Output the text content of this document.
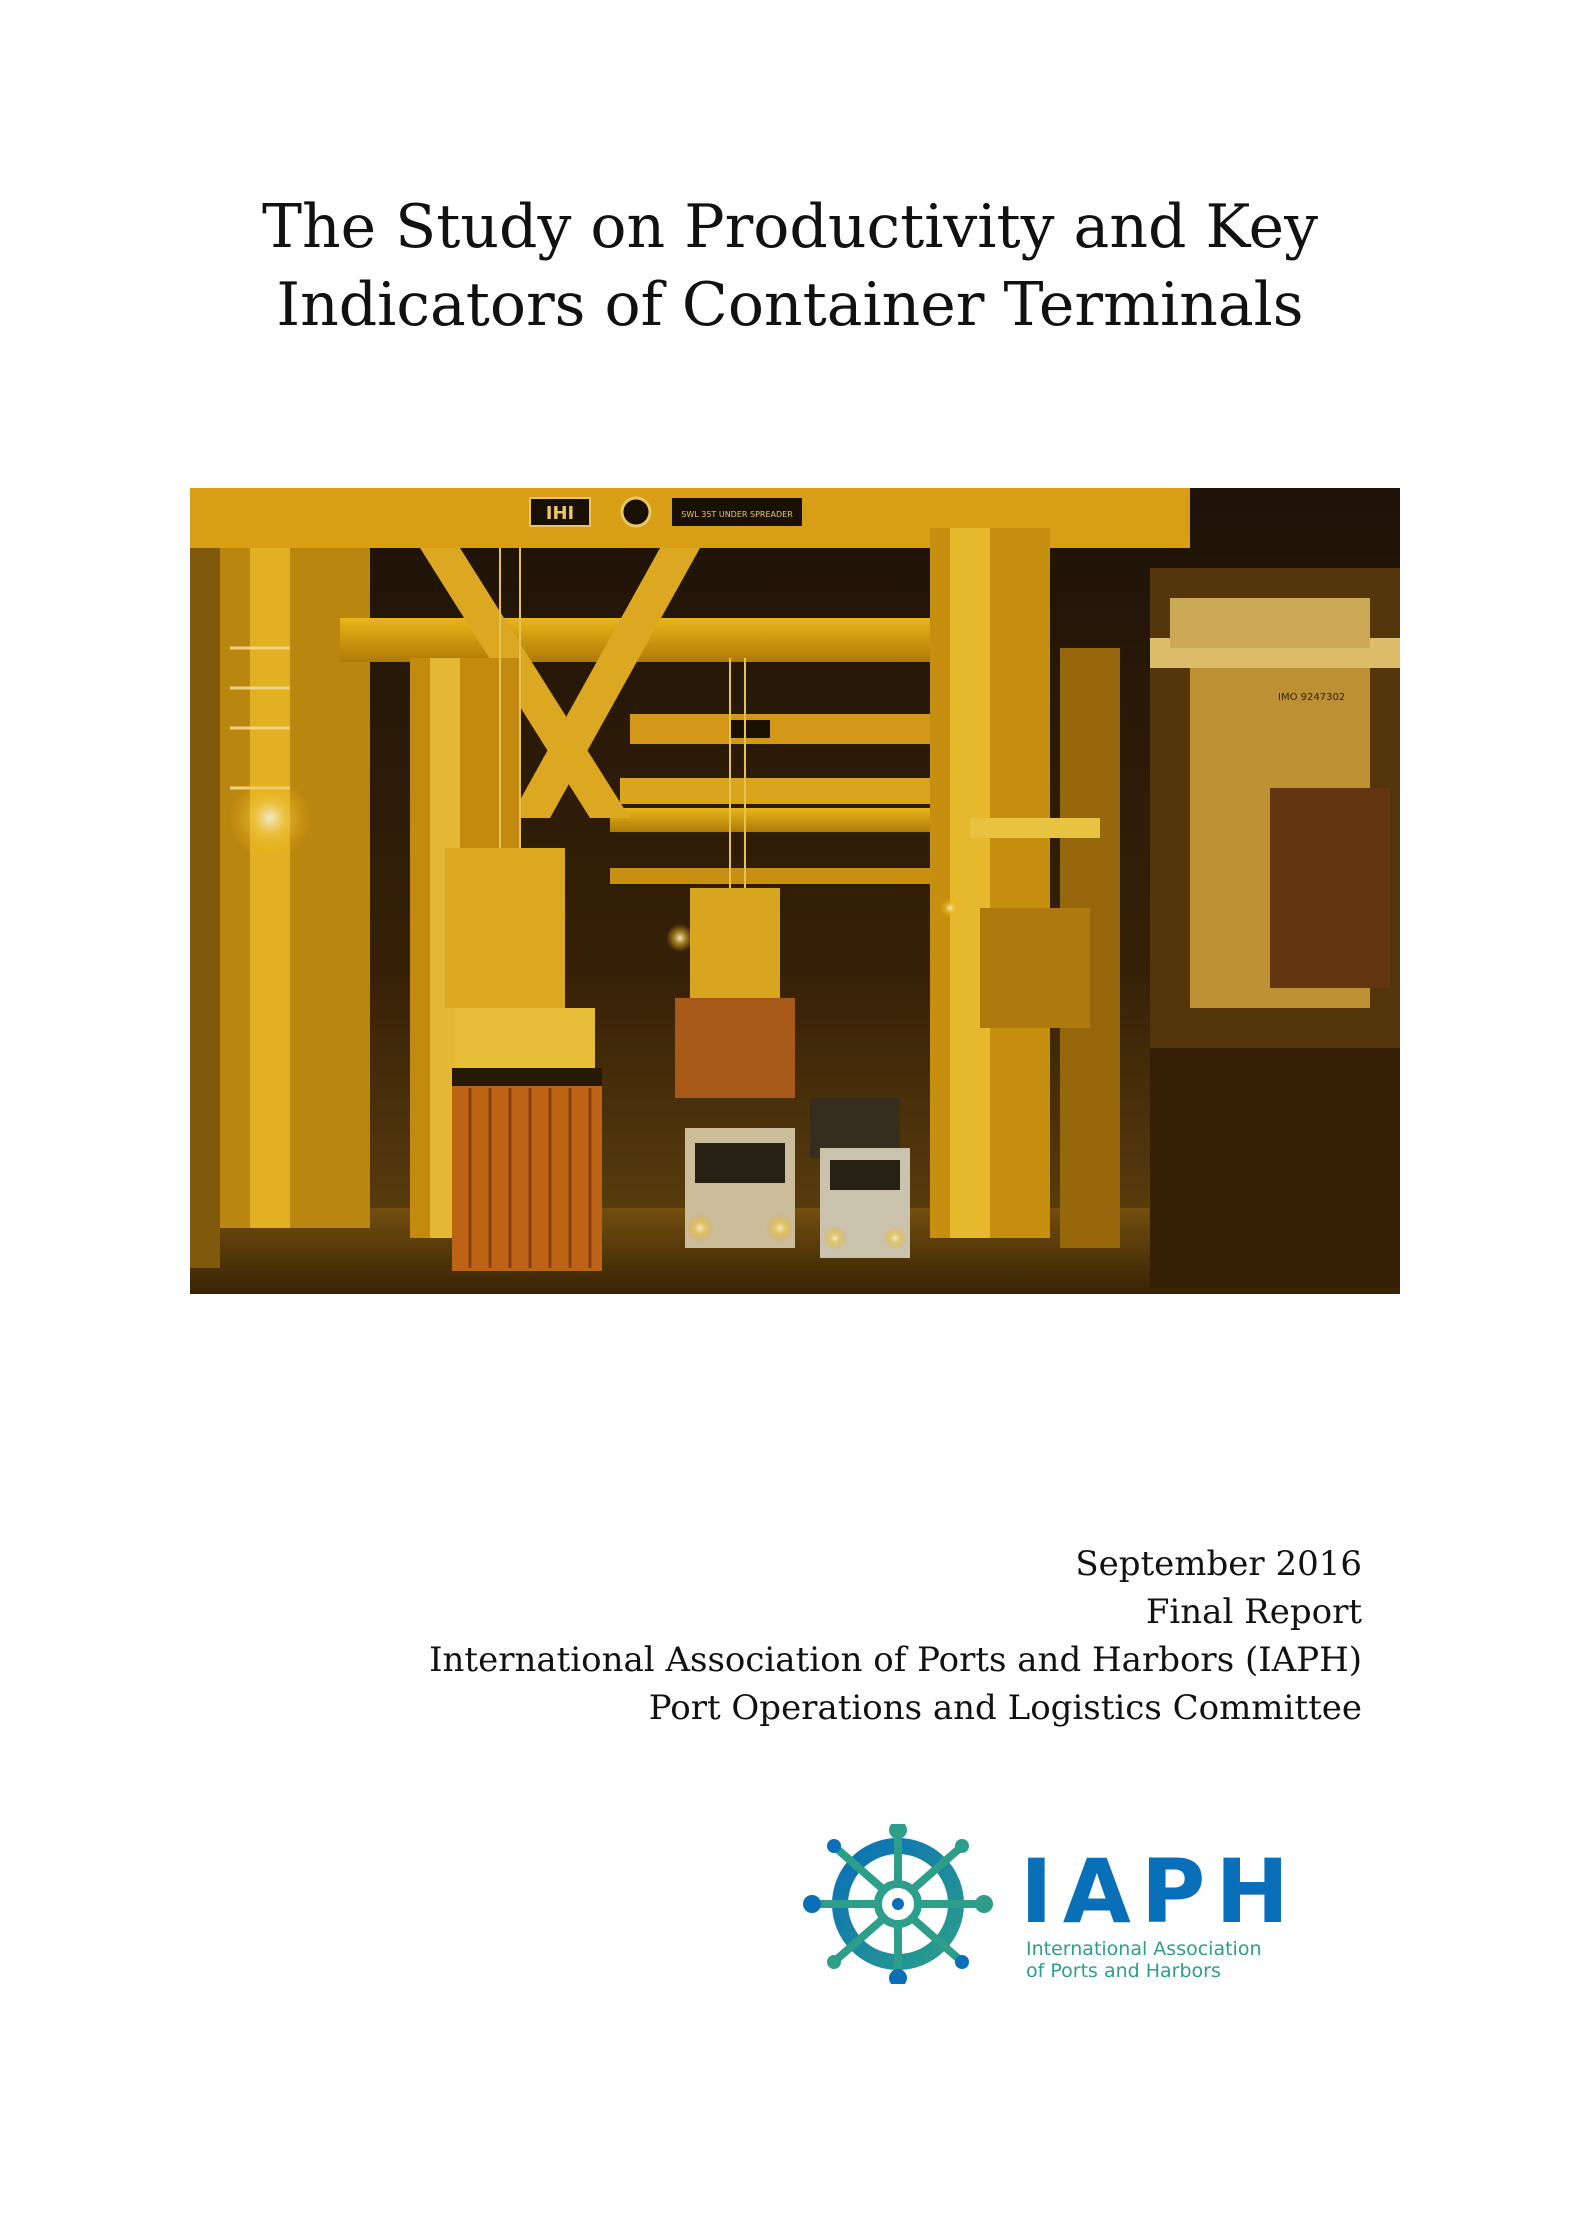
The Study on Productivity and Key
Indicators of Container Terminals
IMO 9247302
IHI	SWL 35T UNDER SPREADER
September 2016
Final Report
International Association of Ports and Harbors (IAPH)
Port Operations and Logistics Committee
IAPH
International Association
of Ports and Harbors
